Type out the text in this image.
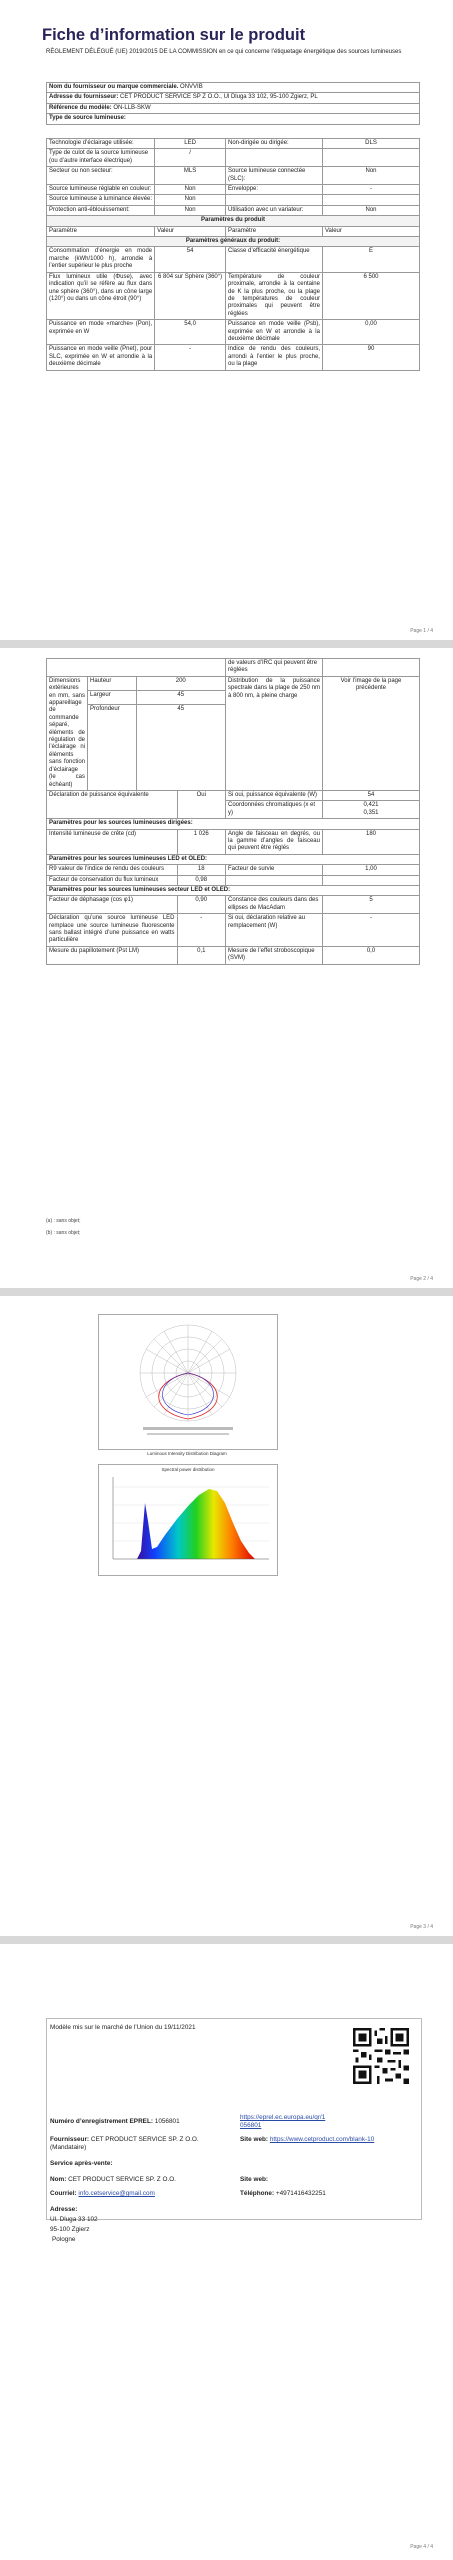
Fiche d’information sur le produit
RÈGLEMENT DÉLÉGUÉ (UE) 2019/2015 DE LA COMMISSION en ce qui concerne l’étiquetage énergétique des sources lumineuses
Nom du fournisseur ou marque commerciale. ONVVIB
Adresse du fournisseur: CET PRODUCT SERVICE SP Z O.O., Ul Dluga 33 102, 95-100 Zgierz, PL
Référence du modèle: ON-LLB-SKW
Type de source lumineuse:
Technologie d’éclairage utilisée:	LED	Non-dirigée ou dirigée:	DLS
Type de culot de la source lumineuse (ou d’autre interface électrique)	/		
Secteur ou non secteur:	MLS	Source lumineuse connectée (SLC):	Non
Source lumineuse réglable en couleur:	Non	Enveloppe:	-
Source lumineuse à luminance élevée:	Non		
Protection anti-éblouissement:	Non	Utilisation avec un variateur:	Non
Paramètres du produit			
Paramètre	Valeur	Paramètre	Valeur
Paramètres généraux du produit:			
Consommation d’énergie en mode marche (kWh/1000 h), arrondie à l’entier supérieur le plus proche	54	Classe d’efficacité énergétique	E
Flux lumineux utile (Φuse), avec indication qu’il se réfère au flux dans une sphère (360°), dans un cône large (120°) ou dans un cône étroit (90°)	6 804 sur Sphère (360°)	Température de couleur proximale, arrondie à la centaine de K la plus proche, ou la plage de températures de couleur proximales qui peuvent être réglées	6 500
Puissance en mode «marche» (Pon), exprimée en W	54,0	Puissance en mode veille (Psb), exprimée en W et arrondie à la deuxième décimale	0,00
Puissance en mode veille (Pnet), pour SLC, exprimée en W et arrondie à la deuxième décimale	-	Indice de rendu des couleurs, arrondi à l’entier le plus proche, ou la plage	90
Page 1 / 4
				de valeurs d’IRC qui peuvent être réglées	
Dimensions extérieures en mm, sans appareillage de commande séparé, éléments de régulation de l’éclairage ni éléments sans fonction d’éclairage (le cas échéant)	Hauteur	200		Distribution de la puissance spectrale dans la plage de 250 nm à 800 nm, à pleine charge	Voir l’image de la page précédente
	Largeur	45			
	Profondeur	45			
Déclaration de puissance équivalente			Oui	Si oui, puissance équivalente (W)	54
				Coordonnées chromatiques (x et y)	0,421
0,351

Paramètres pour les sources lumineuses dirigées:					
Intensité lumineuse de crête (cd)			1 026	Angle de faisceau en degrés, ou la gamme d’angles de faisceau qui peuvent être réglés	180
Paramètres pour les sources lumineuses LED et OLED:					
R9 valeur de l’indice de rendu des couleurs			18	Facteur de survie	1,00
Facteur de conservation du flux lumineux			0,98		
Paramètres pour les sources lumineuses secteur LED et OLED:					
Facteur de déphasage (cos φ1)			0,90	Constance des couleurs dans des ellipses de MacAdam	5
Déclaration qu’une source lumineuse LED remplace une source lumineuse fluorescente sans ballast intégré d’une puissance en watts particulière			-	Si oui, déclaration relative au remplacement (W)	-
Mesure du papillotement (Pst LM)			0,1	Mesure de l’effet stroboscopique (SVM)	0,0
(a) : sans objet;
(b) : sans objet;
Page 2 / 4
Luminous Intensity Distribution Diagram
Spectral power distribution
Page 3 / 4
Modèle mis sur le marché de l’Union du 19/11/2021
Numéro d’enregistrement EPREL: 1056801
https://eprel.ec.europa.eu/qr/1056801
Fournisseur: CET PRODUCT SERVICE SP. Z O.O. (Mandataire)
Site web: https://www.cetproduct.com/blank-10
Service après-vente:
Nom: CET PRODUCT SERVICE SP. Z O.O.	Site web:
Courriel: info.cetservice@gmail.com	Téléphone: +4971416432251
Adresse:
Ul. Dluga 33 102
95-100 Zgierz
Pologne
Page 4 / 4
